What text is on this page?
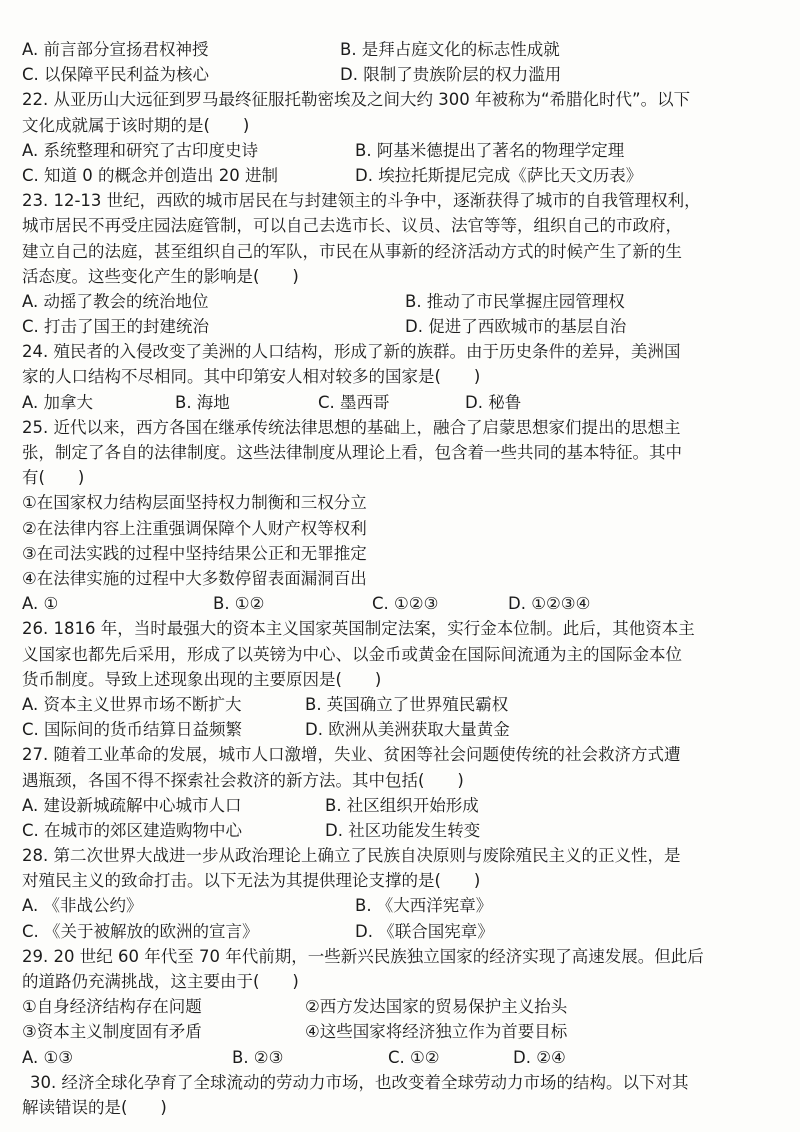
A. 前言部分宣扬君权神授	B. 是拜占庭文化的标志性成就
C. 以保障平民利益为核心	D. 限制了贵族阶层的权力滥用
22. 从亚历山大远征到罗马最终征服托勒密埃及之间大约 300 年被称为“希腊化时代”。以下
文化成就属于该时期的是(　　)
A. 系统整理和研究了古印度史诗	B. 阿基米德提出了著名的物理学定理
C. 知道 0 的概念并创造出 20 进制	D. 埃拉托斯提尼完成《萨比天文历表》
23. 12-13 世纪，西欧的城市居民在与封建领主的斗争中，逐渐获得了城市的自我管理权利，
城市居民不再受庄园法庭管制，可以自己去选市长、议员、法官等等，组织自己的市政府，
建立自己的法庭，甚至组织自己的军队，市民在从事新的经济活动方式的时候产生了新的生
活态度。这些变化产生的影响是(　　)
A. 动摇了教会的统治地位	B. 推动了市民掌握庄园管理权
C. 打击了国王的封建统治	D. 促进了西欧城市的基层自治
24. 殖民者的入侵改变了美洲的人口结构，形成了新的族群。由于历史条件的差异，美洲国
家的人口结构不尽相同。其中印第安人相对较多的国家是(　　)
A. 加拿大	B. 海地	C. 墨西哥	D. 秘鲁
25. 近代以来，西方各国在继承传统法律思想的基础上，融合了启蒙思想家们提出的思想主
张，制定了各自的法律制度。这些法律制度从理论上看，包含着一些共同的基本特征。其中
有(　　)
①在国家权力结构层面坚持权力制衡和三权分立
②在法律内容上注重强调保障个人财产权等权利
③在司法实践的过程中坚持结果公正和无罪推定
④在法律实施的过程中大多数停留表面漏洞百出
A. ①	B. ①②	C. ①②③	D. ①②③④
26. 1816 年，当时最强大的资本主义国家英国制定法案，实行金本位制。此后，其他资本主
义国家也都先后采用，形成了以英镑为中心、以金币或黄金在国际间流通为主的国际金本位
货币制度。导致上述现象出现的主要原因是(　　)
A. 资本主义世界市场不断扩大	B. 英国确立了世界殖民霸权
C. 国际间的货币结算日益频繁	D. 欧洲从美洲获取大量黄金
27. 随着工业革命的发展，城市人口激增，失业、贫困等社会问题使传统的社会救济方式遭
遇瓶颈，各国不得不探索社会救济的新方法。其中包括(　　)
A. 建设新城疏解中心城市人口	B. 社区组织开始形成
C. 在城市的郊区建造购物中心	D. 社区功能发生转变
28. 第二次世界大战进一步从政治理论上确立了民族自决原则与废除殖民主义的正义性，是
对殖民主义的致命打击。以下无法为其提供理论支撑的是(　　)
A. 《非战公约》	B. 《大西洋宪章》
C. 《关于被解放的欧洲的宣言》	D. 《联合国宪章》
29. 20 世纪 60 年代至 70 年代前期，一些新兴民族独立国家的经济实现了高速发展。但此后
的道路仍充满挑战，这主要由于(　　)
①自身经济结构存在问题	②西方发达国家的贸易保护主义抬头
③资本主义制度固有矛盾	④这些国家将经济独立作为首要目标
A. ①③	B. ②③	C. ①②	D. ②④
30. 经济全球化孕育了全球流动的劳动力市场，也改变着全球劳动力市场的结构。以下对其
解读错误的是(　　)
